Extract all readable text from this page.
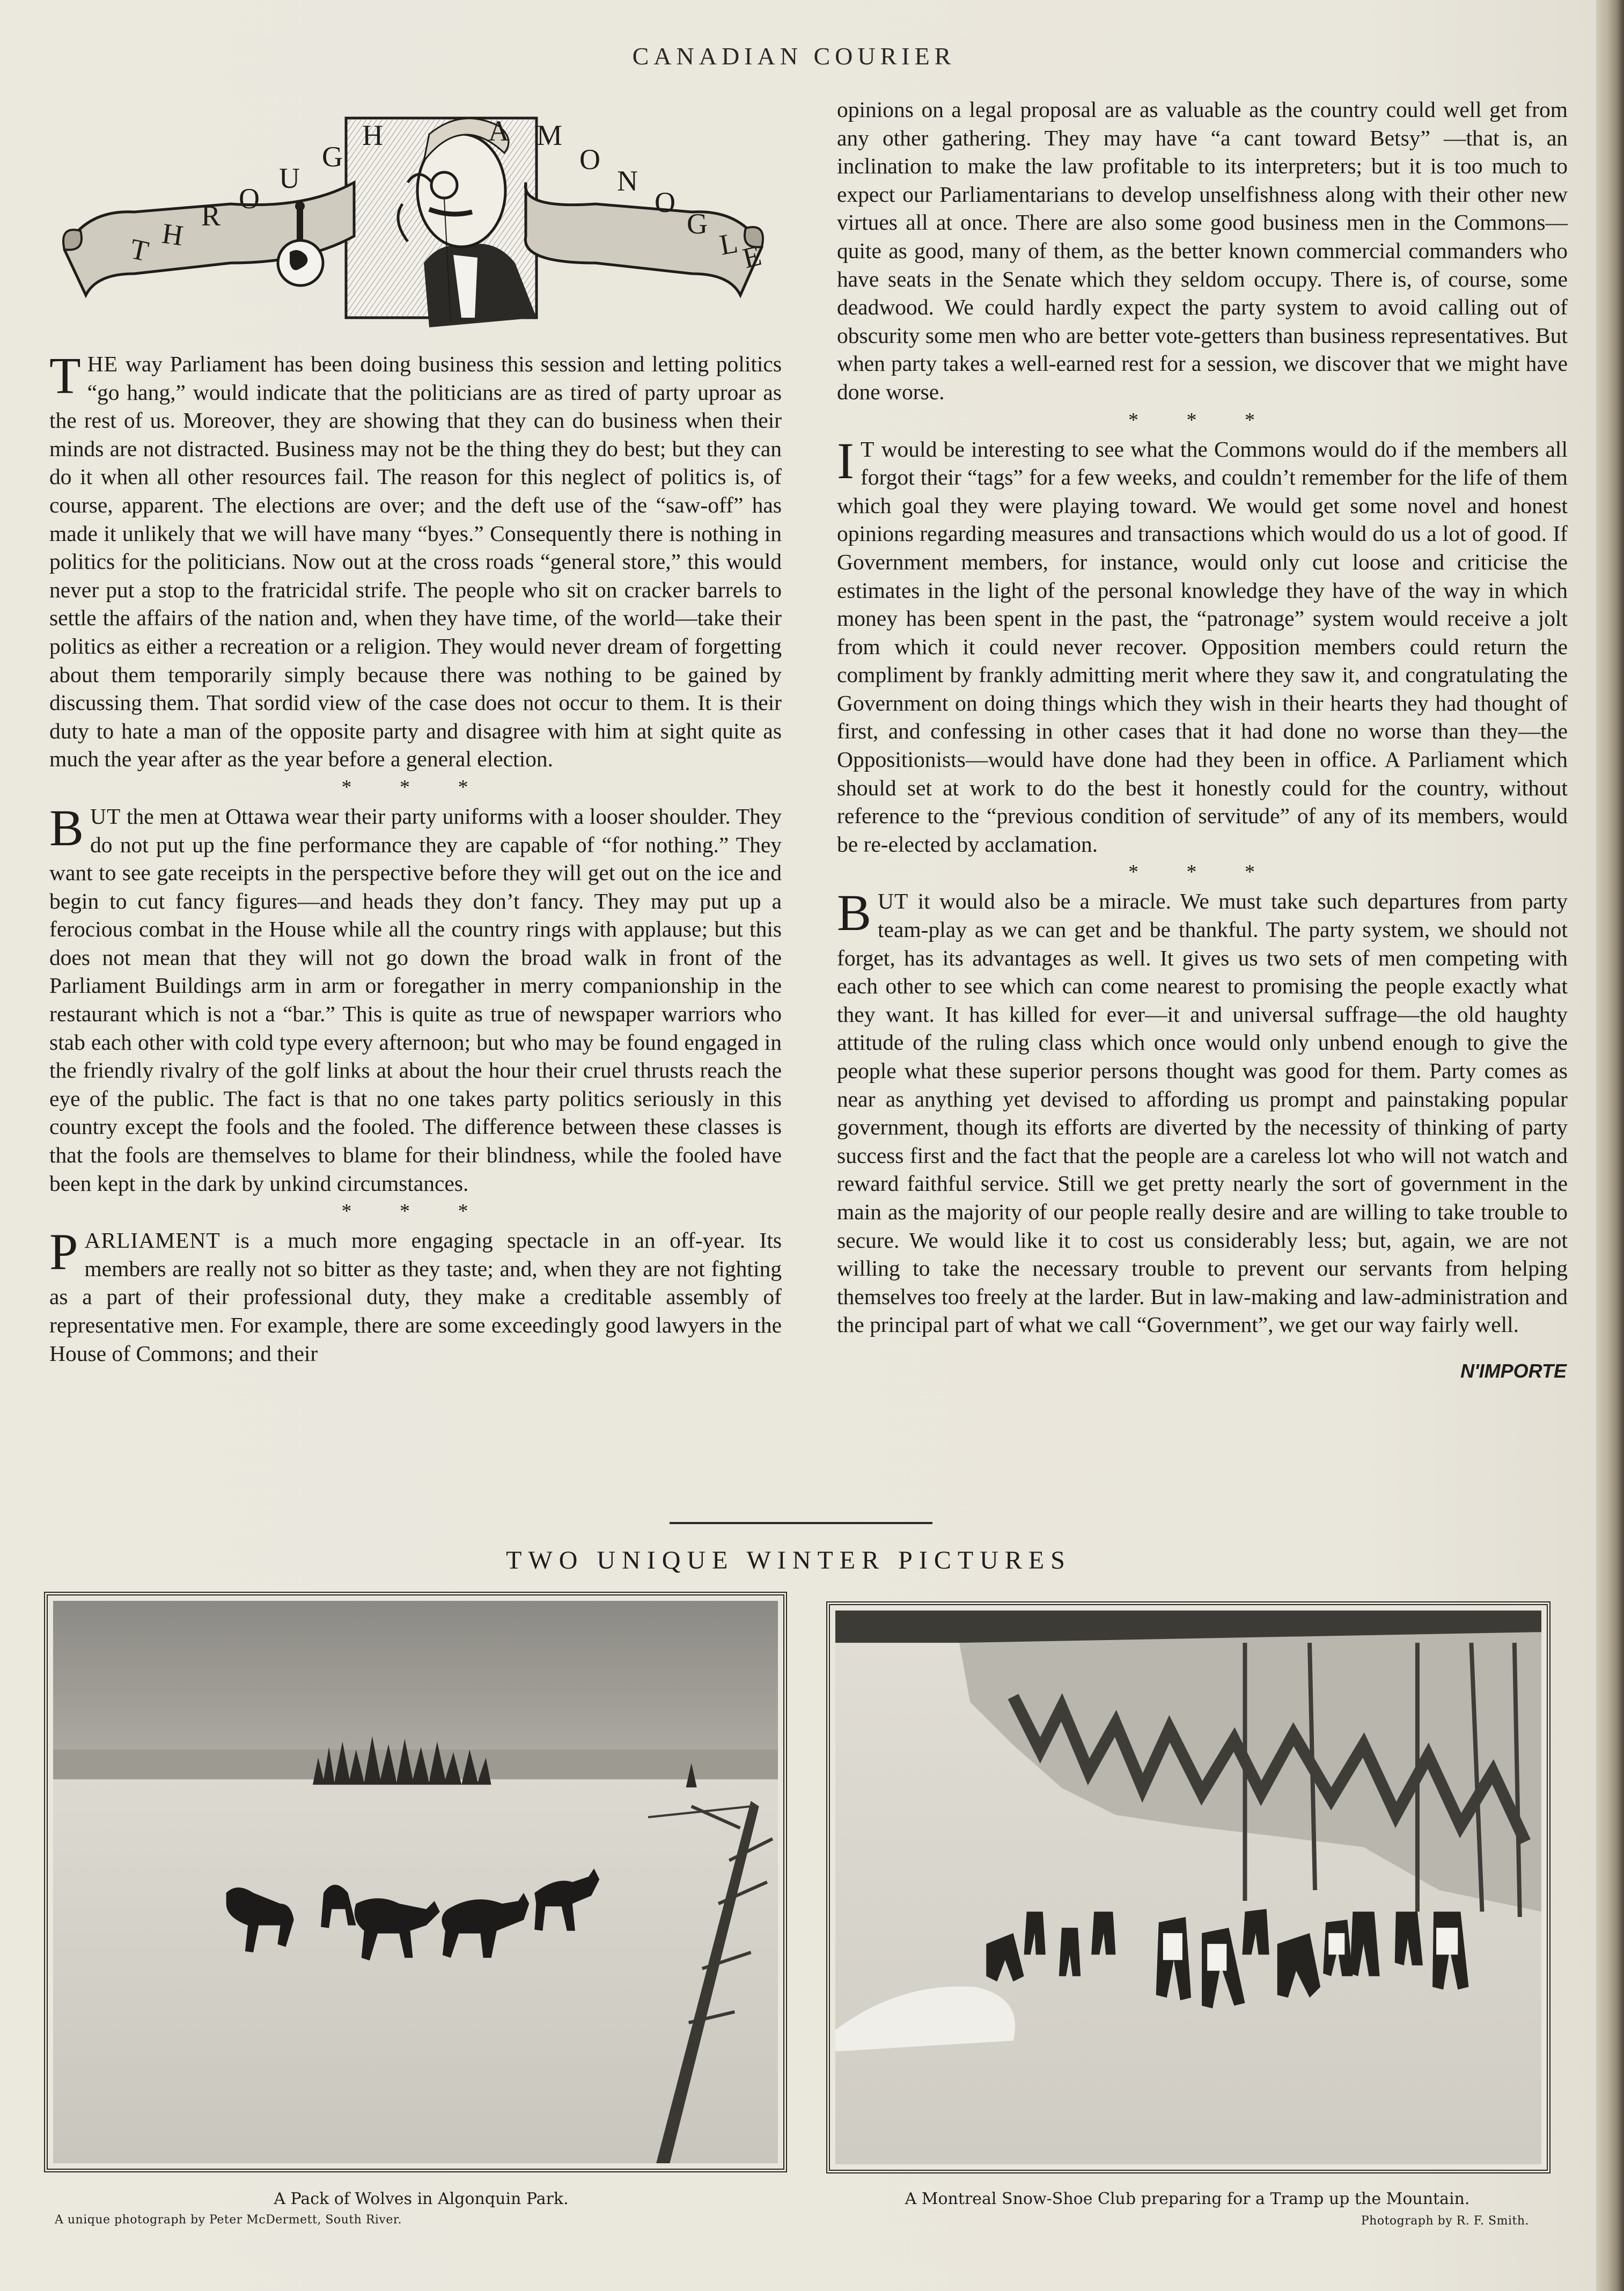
CANADIAN COURIER
T H
R
O
U
G
H	M
O
N
O
G
L
E
A

THE way Parliament has been doing business this session and letting politics “go hang,” would indicate that the politicians are as tired of party uproar as the rest of us. Moreover, they are showing that they can do business when their minds are not distracted. Business may not be the thing they do best; but they can do it when all other resources fail. The reason for this neglect of politics is, of course, apparent. The elections are over; and the deft use of the “saw-off” has made it unlikely that we will have many “byes.” Consequently there is nothing in politics for the politicians. Now out at the cross roads “general store,” this would never put a stop to the fratricidal strife. The people who sit on cracker barrels to settle the affairs of the nation and, when they have time, of the world—take their politics as either a recreation or a religion. They would never dream of forgetting about them temporarily simply because there was nothing to be gained by discussing them. That sordid view of the case does not occur to them. It is their duty to hate a man of the opposite party and disagree with him at sight quite as much the year after as the year before a general election.

* * *

BUT the men at Ottawa wear their party uniforms with a looser shoulder. They do not put up the fine performance they are capable of “for nothing.” They want to see gate receipts in the perspective before they will get out on the ice and begin to cut fancy figures—and heads they don’t fancy. They may put up a ferocious combat in the House while all the country rings with applause; but this does not mean that they will not go down the broad walk in front of the Parliament Buildings arm in arm or foregather in merry companionship in the restaurant which is not a “bar.” This is quite as true of newspaper warriors who stab each other with cold type every afternoon; but who may be found engaged in the friendly rivalry of the golf links at about the hour their cruel thrusts reach the eye of the public. The fact is that no one takes party politics seriously in this country except the fools and the fooled. The difference between these classes is that the fools are themselves to blame for their blindness, while the fooled have been kept in the dark by unkind circumstances.

* * *

PARLIAMENT is a much more engaging spectacle in an off-year. Its members are really not so bitter as they taste; and, when they are not fighting as a part of their professional duty, they make a creditable assembly of representative men. For example, there are some exceedingly good lawyers in the House of Commons; and their

opinions on a legal proposal are as valuable as the country could well get from any other gathering. They may have “a cant toward Betsy” —that is, an inclination to make the law profitable to its interpreters; but it is too much to expect our Parliamentarians to develop unselfishness along with their other new virtues all at once. There are also some good business men in the Commons—quite as good, many of them, as the better known commercial commanders who have seats in the Senate which they seldom occupy. There is, of course, some deadwood. We could hardly expect the party system to avoid calling out of obscurity some men who are better vote-getters than business representatives. But when party takes a well-earned rest for a session, we discover that we might have done worse.

* * *

I T would be interesting to see what the Commons would do if the members all forgot their “tags” for a few weeks, and couldn’t remember for the life of them which goal they were playing toward. We would get some novel and honest opinions regarding measures and transactions which would do us a lot of good. If Government members, for instance, would only cut loose and criticise the estimates in the light of the personal knowledge they have of the way in which money has been spent in the past, the “patronage” system would receive a jolt from which it could never recover. Opposition members could return the compliment by frankly admitting merit where they saw it, and congratulating the Government on doing things which they wish in their hearts they had thought of first, and confessing in other cases that it had done no worse than they—the Oppositionists—would have done had they been in office. A Parliament which should set at work to do the best it honestly could for the country, without reference to the “previous condition of servitude” of any of its members, would be re-elected by acclamation.

* * *

BUT it would also be a miracle. We must take such departures from party team-play as we can get and be thankful. The party system, we should not forget, has its advantages as well. It gives us two sets of men competing with each other to see which can come nearest to promising the people exactly what they want. It has killed for ever—it and universal suffrage—the old haughty attitude of the ruling class which once would only unbend enough to give the people what these superior persons thought was good for them. Party comes as near as anything yet devised to affording us prompt and painstaking popular government, though its efforts are diverted by the necessity of thinking of party success first and the fact that the people are a careless lot who will not watch and reward faithful service. Still we get pretty nearly the sort of government in the main as the majority of our people really desire and are willing to take trouble to secure. We would like it to cost us considerably less; but, again, we are not willing to take the necessary trouble to prevent our servants from helping themselves too freely at the larder. But in law-making and law-administration and the principal part of what we call “Government”, we get our way fairly well.

N'IMPORTE
TWO UNIQUE WINTER PICTURES
A Pack of Wolves in Algonquin Park.
A unique photograph by Peter McDermett, South River.
A Montreal Snow-Shoe Club preparing for a Tramp up the Mountain.
Photograph by R. F. Smith.
